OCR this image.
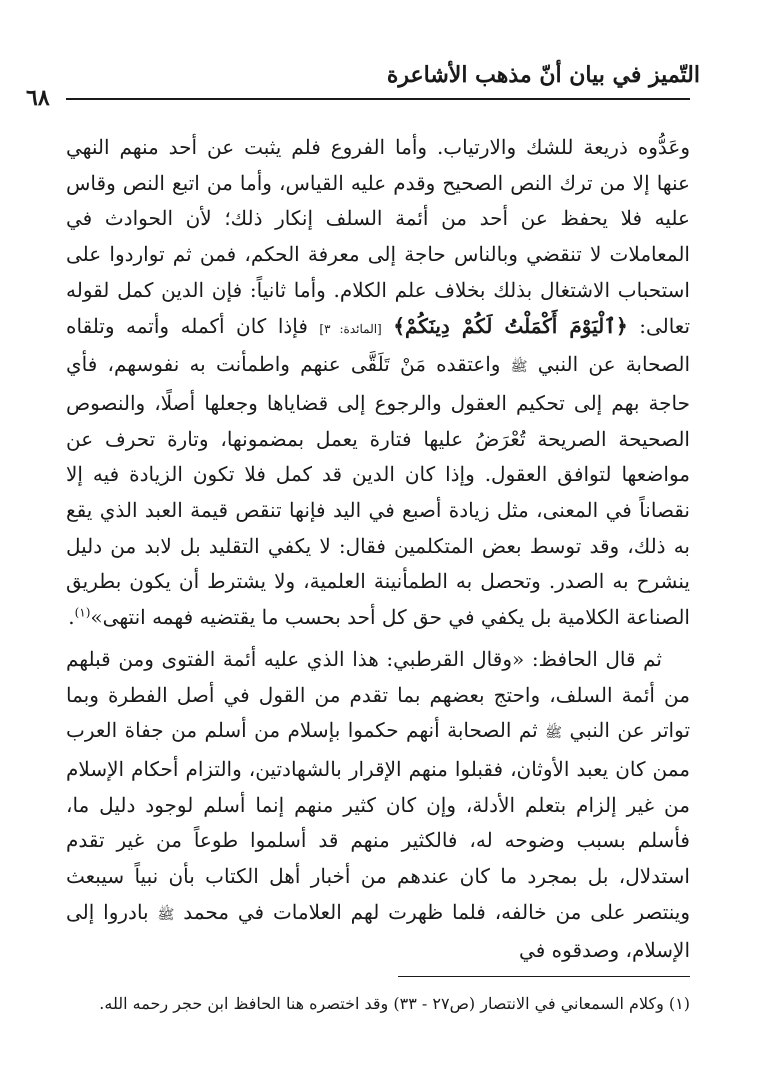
التّميز في بيان أنّ مذهب الأشاعرة
٦٨

وعَدُّوه ذريعة للشك والارتياب. وأما الفروع فلم يثبت عن أحد منهم النهي عنها إلا من ترك النص الصحيح وقدم عليه القياس، وأما من اتبع النص وقاس عليه فلا يحفظ عن أحد من أئمة السلف إنكار ذلك؛ لأن الحوادث في المعاملات لا تنقضي وبالناس حاجة إلى معرفة الحكم، فمن ثم تواردوا على استحباب الاشتغال بذلك بخلاف علم الكلام. وأما ثانياً: فإن الدين كمل لقوله تعالى: ﴿ٱلْيَوْمَ أَكْمَلْتُ لَكُمْ دِينَكُمْ﴾ [المائدة: ٣] فإذا كان أكمله وأتمه وتلقاه الصحابة عن النبي ﷺ واعتقده مَنْ تَلَقَّى عنهم واطمأنت به نفوسهم، فأي حاجة بهم إلى تحكيم العقول والرجوع إلى قضاياها وجعلها أصلًا، والنصوص الصحيحة الصريحة تُعْرَضُ عليها فتارة يعمل بمضمونها، وتارة تحرف عن مواضعها لتوافق العقول. وإذا كان الدين قد كمل فلا تكون الزيادة فيه إلا نقصاناً في المعنى، مثل زيادة أصبع في اليد فإنها تنقص قيمة العبد الذي يقع به ذلك، وقد توسط بعض المتكلمين فقال: لا يكفي التقليد بل لابد من دليل ينشرح به الصدر. وتحصل به الطمأنينة العلمية، ولا يشترط أن يكون بطريق الصناعة الكلامية بل يكفي في حق كل أحد بحسب ما يقتضيه فهمه انتهى»$^{(١)}$.

ثم قال الحافظ: «وقال القرطبي: هذا الذي عليه أئمة الفتوى ومن قبلهم من أئمة السلف، واحتج بعضهم بما تقدم من القول في أصل الفطرة وبما تواتر عن النبي ﷺ ثم الصحابة أنهم حكموا بإسلام من أسلم من جفاة العرب ممن كان يعبد الأوثان، فقبلوا منهم الإقرار بالشهادتين، والتزام أحكام الإسلام من غير إلزام بتعلم الأدلة، وإن كان كثير منهم إنما أسلم لوجود دليل ما، فأسلم بسبب وضوحه له، فالكثير منهم قد أسلموا طوعاً من غير تقدم استدلال، بل بمجرد ما كان عندهم من أخبار أهل الكتاب بأن نبياً سيبعث وينتصر على من خالفه، فلما ظهرت لهم العلامات في محمد ﷺ بادروا إلى الإسلام، وصدقوه في

(١) وكلام السمعاني في الانتصار (ص٢٧ - ٣٣) وقد اختصره هنا الحافظ ابن حجر رحمه الله.
